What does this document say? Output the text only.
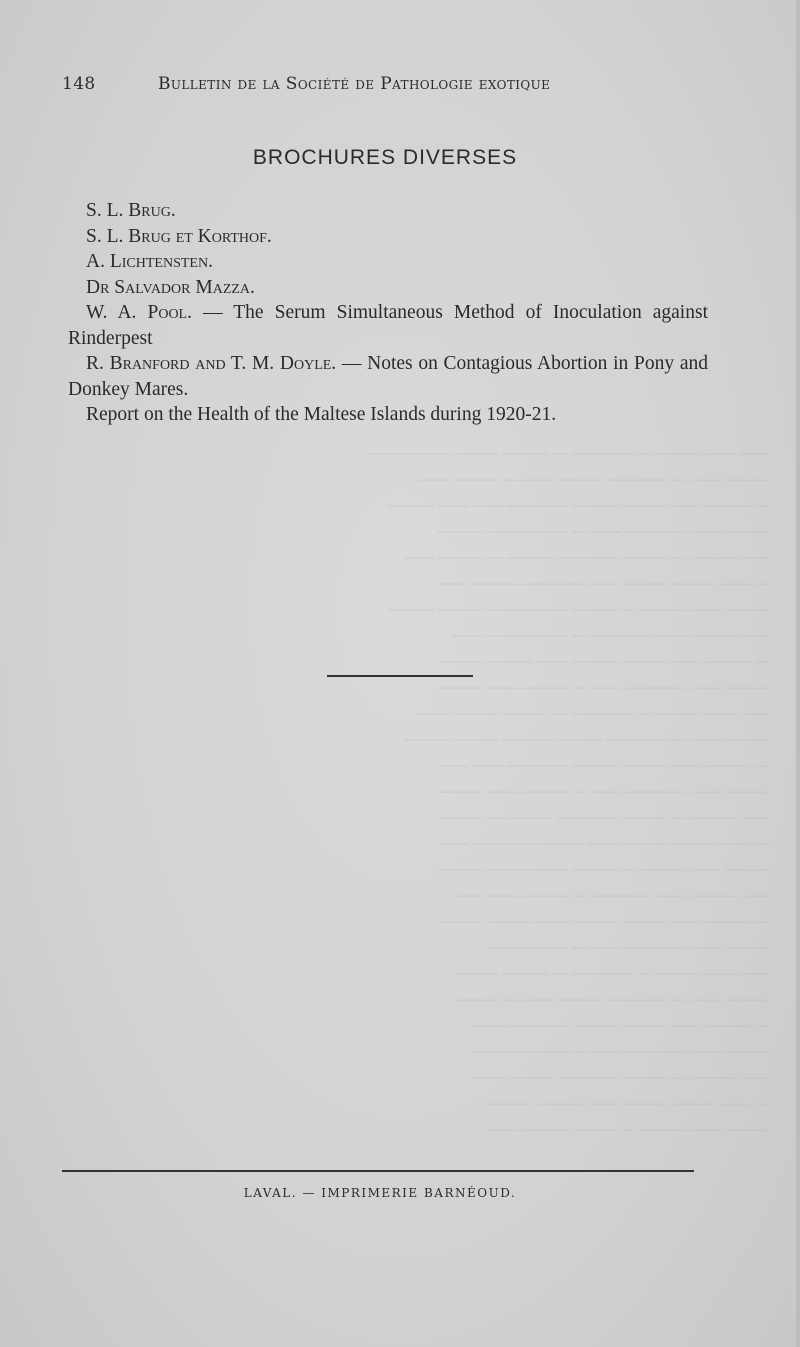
—— —— ——— — ———— — ——— ——— —— ———
——— —— — ———— ——— —— — ——— ——
— ——— —— ——— ——— ———— —— —— ———
——— —— ———— —— — ——— —— ———
—— ——— — ——— ———— ——— — ——— ——
— —— ——— ——— —— ———— ——— ——
——— —— ——— — ——— ——— —— ——— ———
—— ——— —— ———— — ——— —— ——
— ——— —— ——— ——— —— ——— ———
——— —— ———— —— — ——— —— ———
—— —— ——— — ———— — ——— ——— ——
——— —— — ———— ——— —— — ——— ———
— ——— —— ——— ——— ———— —— ——
——— —— ———— —— — ——— —— ———
—— ——— — ——— ———— ——— — ———
— —— ——— ——— —— ———— ——— ——
——— —— ——— — ——— ——— —— ———
—— ——— —— ———— — ——— —— ——
— ——— —— ——— ——— —— ——— ———
——— —— ———— —— — ——— ——
—— —— ——— — ———— — ——— ———
——— —— — ———— ——— —— — ———
— ——— —— ——— ——— ———— ——
——— —— ———— —— — ——— ———
—— ——— — ——— ———— ——— ——
— —— ——— ——— —— ——— ———
——— —— ——— — ——— ——— ——
148	Bulletin de la Société de Pathologie exotique
BROCHURES DIVERSES

S. L. Brug.

S. L. Brug et Korthof.

A. Lichtensten.

Dr Salvador Mazza.

W. A. Pool. — The Serum Simultaneous Method of Inoculation against Rinderpest

R. Branford and T. M. Doyle. — Notes on Contagious Abortion in Pony and Donkey Mares.

Report on the Health of the Maltese Islands during 1920-21.

LAVAL. — IMPRIMERIE BARNÉOUD.
